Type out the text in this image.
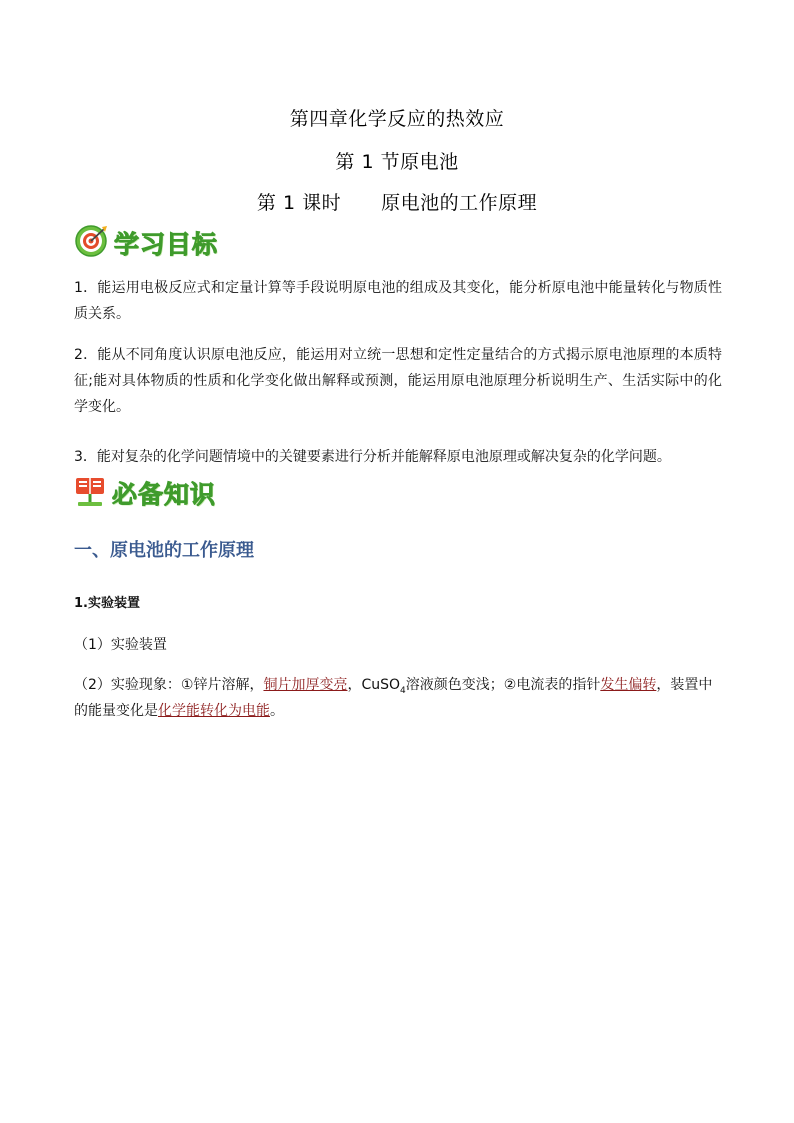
第四章化学反应的热效应
第 1 节原电池
第 1 课时 原电池的工作原理
学习目标
1．能运用电极反应式和定量计算等手段说明原电池的组成及其变化，能分析原电池中能量转化与物质性质关系。
2．能从不同角度认识原电池反应，能运用对立统一思想和定性定量结合的方式揭示原电池原理的本质特征;能对具体物质的性质和化学变化做出解释或预测，能运用原电池原理分析说明生产、生活实际中的化学变化。
3．能对复杂的化学问题情境中的关键要素进行分析并能解释原电池原理或解决复杂的化学问题。
必备知识
一、原电池的工作原理
1.实验装置
（1）实验装置
（2）实验现象：①锌片溶解，铜片加厚变亮，CuSO$_4$溶液颜色变浅；②电流表的指针发生偏转，装置中的能量变化是化学能转化为电能。
